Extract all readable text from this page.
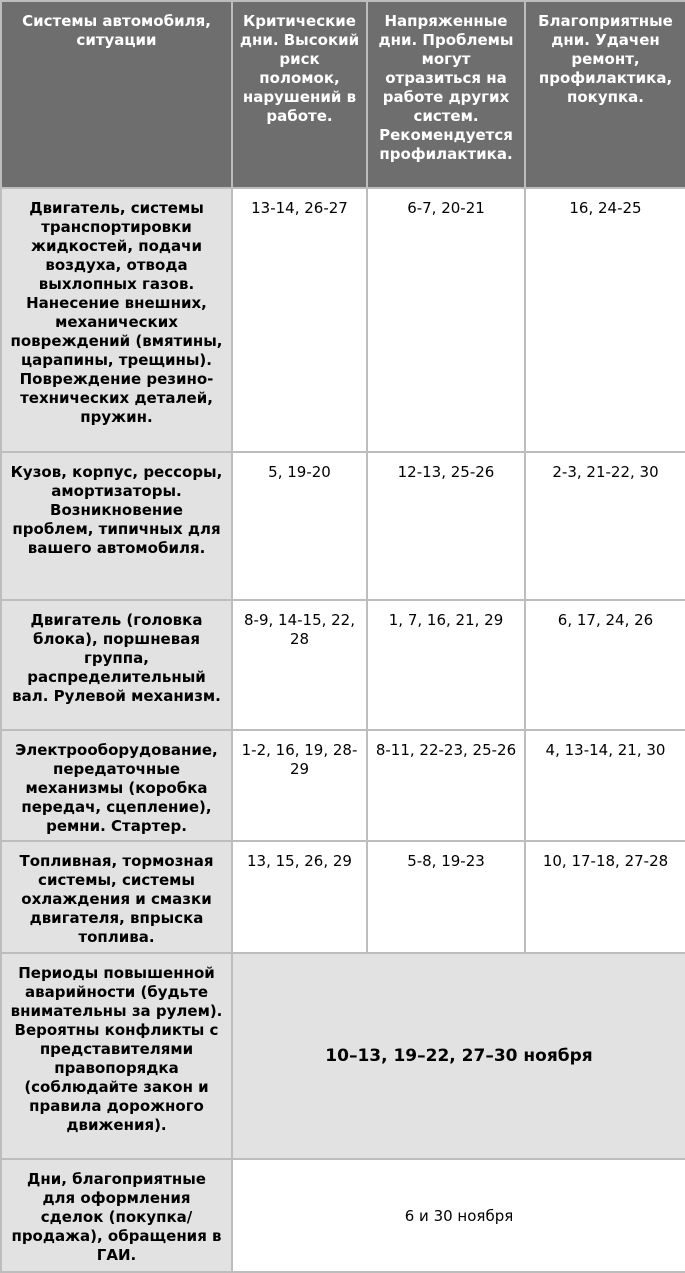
Системы автомобиля, ситуации	Критические дни. Высокий риск поломок, нарушений в работе.	Напряженные дни. Проблемы могут отразиться на работе других систем. Рекомендуется профилактика.	Благоприятные дни. Удачен ремонт, профилактика, покупка.
Двигатель, системы транспортировки жидкостей, подачи воздуха, отвода выхлопных газов. Нанесение внешних, механических повреждений (вмятины, царапины, трещины). Повреждение резино-технических деталей, пружин.	13-14, 26-27	6-7, 20-21	16, 24-25
Кузов, корпус, рессоры, амортизаторы. Возникновение проблем, типичных для вашего автомобиля.	5, 19-20	12-13, 25-26	2-3, 21-22, 30
Двигатель (головка блока), поршневая группа, распределительный вал. Рулевой механизм.	8-9, 14-15, 22, 28	1, 7, 16, 21, 29	6, 17, 24, 26
Электрооборудование, передаточные механизмы (коробка передач, сцепление), ремни. Стартер.	1-2, 16, 19, 28-29	8-11, 22-23, 25-26	4, 13-14, 21, 30
Топливная, тормозная системы, системы охлаждения и смазки двигателя, впрыска топлива.	13, 15, 26, 29	5-8, 19-23	10, 17-18, 27-28
Периоды повышенной аварийности (будьте внимательны за рулем). Вероятны конфликты с представителями правопорядка (соблюдайте закон и правила дорожного движения).	10–13, 19–22, 27–30 ноября		
Дни, благоприятные для оформления сделок (покупка/продажа), обращения в ГАИ.	6 и 30 ноября		
